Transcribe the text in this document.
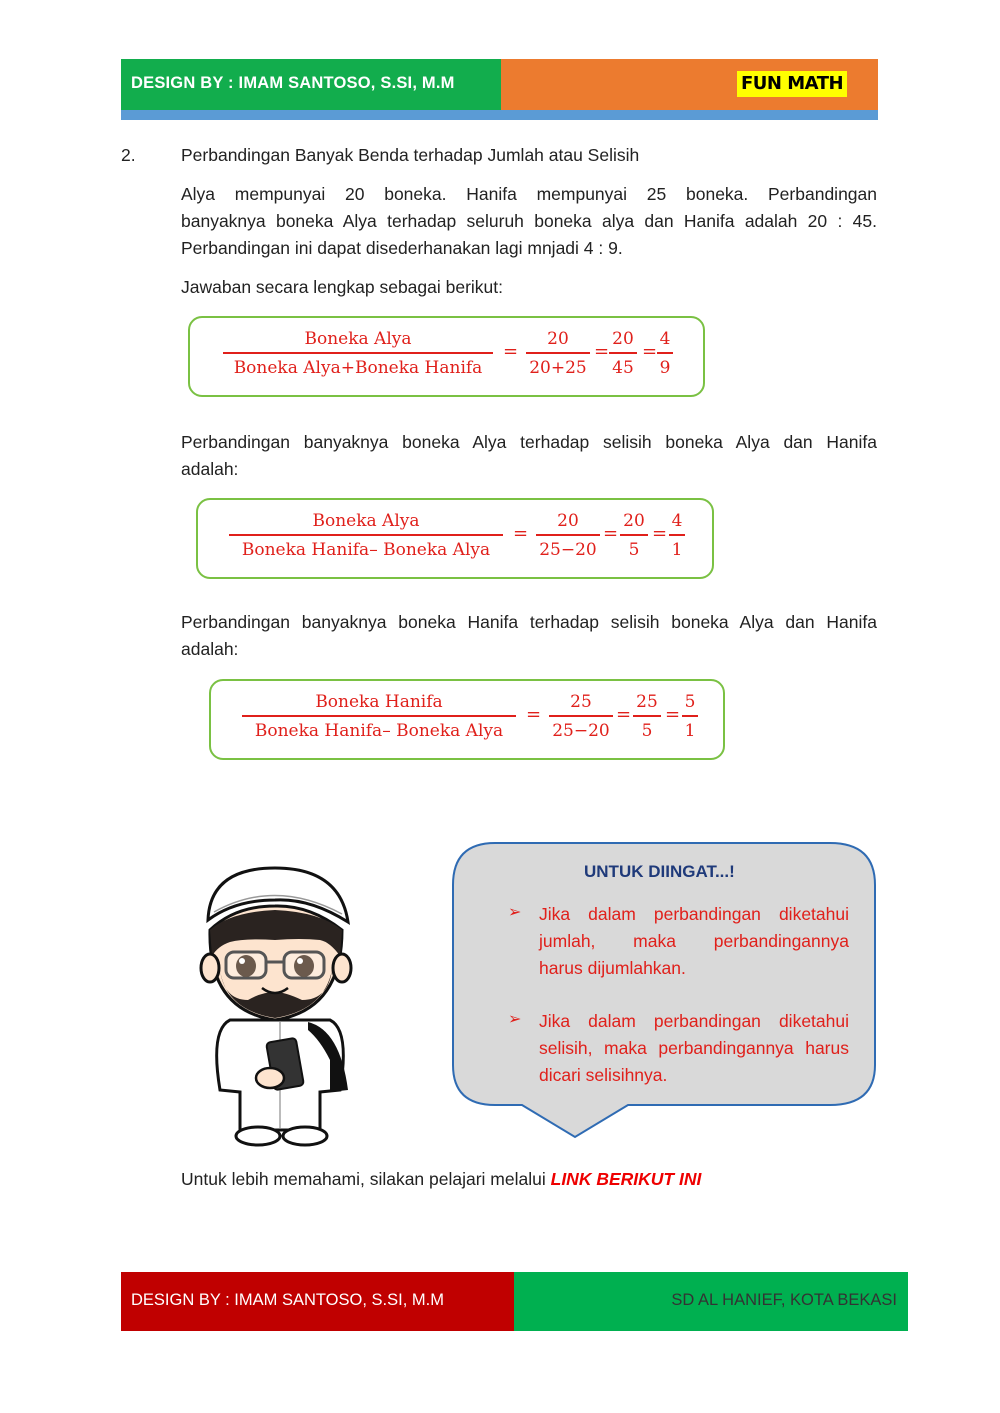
DESIGN BY : IMAM SANTOSO, S.SI, M.M	FUN MATH
2.	Perbandingan Banyak Benda terhadap Jumlah atau Selisih
Alya mempunyai 20 boneka. Hanifa mempunyai 25 boneka. Perbandingan
banyaknya boneka Alya terhadap seluruh boneka alya dan Hanifa adalah 20 : 45.
Perbandingan ini dapat disederhanakan lagi mnjadi 4 : 9.
Jawaban secara lengkap sebagai berikut:
Boneka Alya
Boneka Alya+Boneka Hanifa
=
20
20+25
=
20
45
=
4
9
Perbandingan banyaknya boneka Alya terhadap selisih boneka Alya dan Hanifa
adalah:
Boneka Alya
Boneka Hanifa– Boneka Alya
=
20
25−20
=
20
5
=
4
1
Perbandingan banyaknya boneka Hanifa terhadap selisih boneka Alya dan Hanifa
adalah:
Boneka Hanifa
Boneka Hanifa– Boneka Alya
=
25
25−20
=
25
5
=
5
1
UNTUK DIINGAT...!
➢ Jika dalam perbandingan diketahui
jumlah, maka perbandingannya
harus dijumlahkan.
➢ Jika dalam perbandingan diketahui
selisih, maka perbandingannya harus
dicari selisihnya.
Untuk lebih memahami, silakan pelajari melalui LINK BERIKUT INI
DESIGN BY : IMAM SANTOSO, S.SI, M.M	SD AL HANIEF, KOTA BEKASI
